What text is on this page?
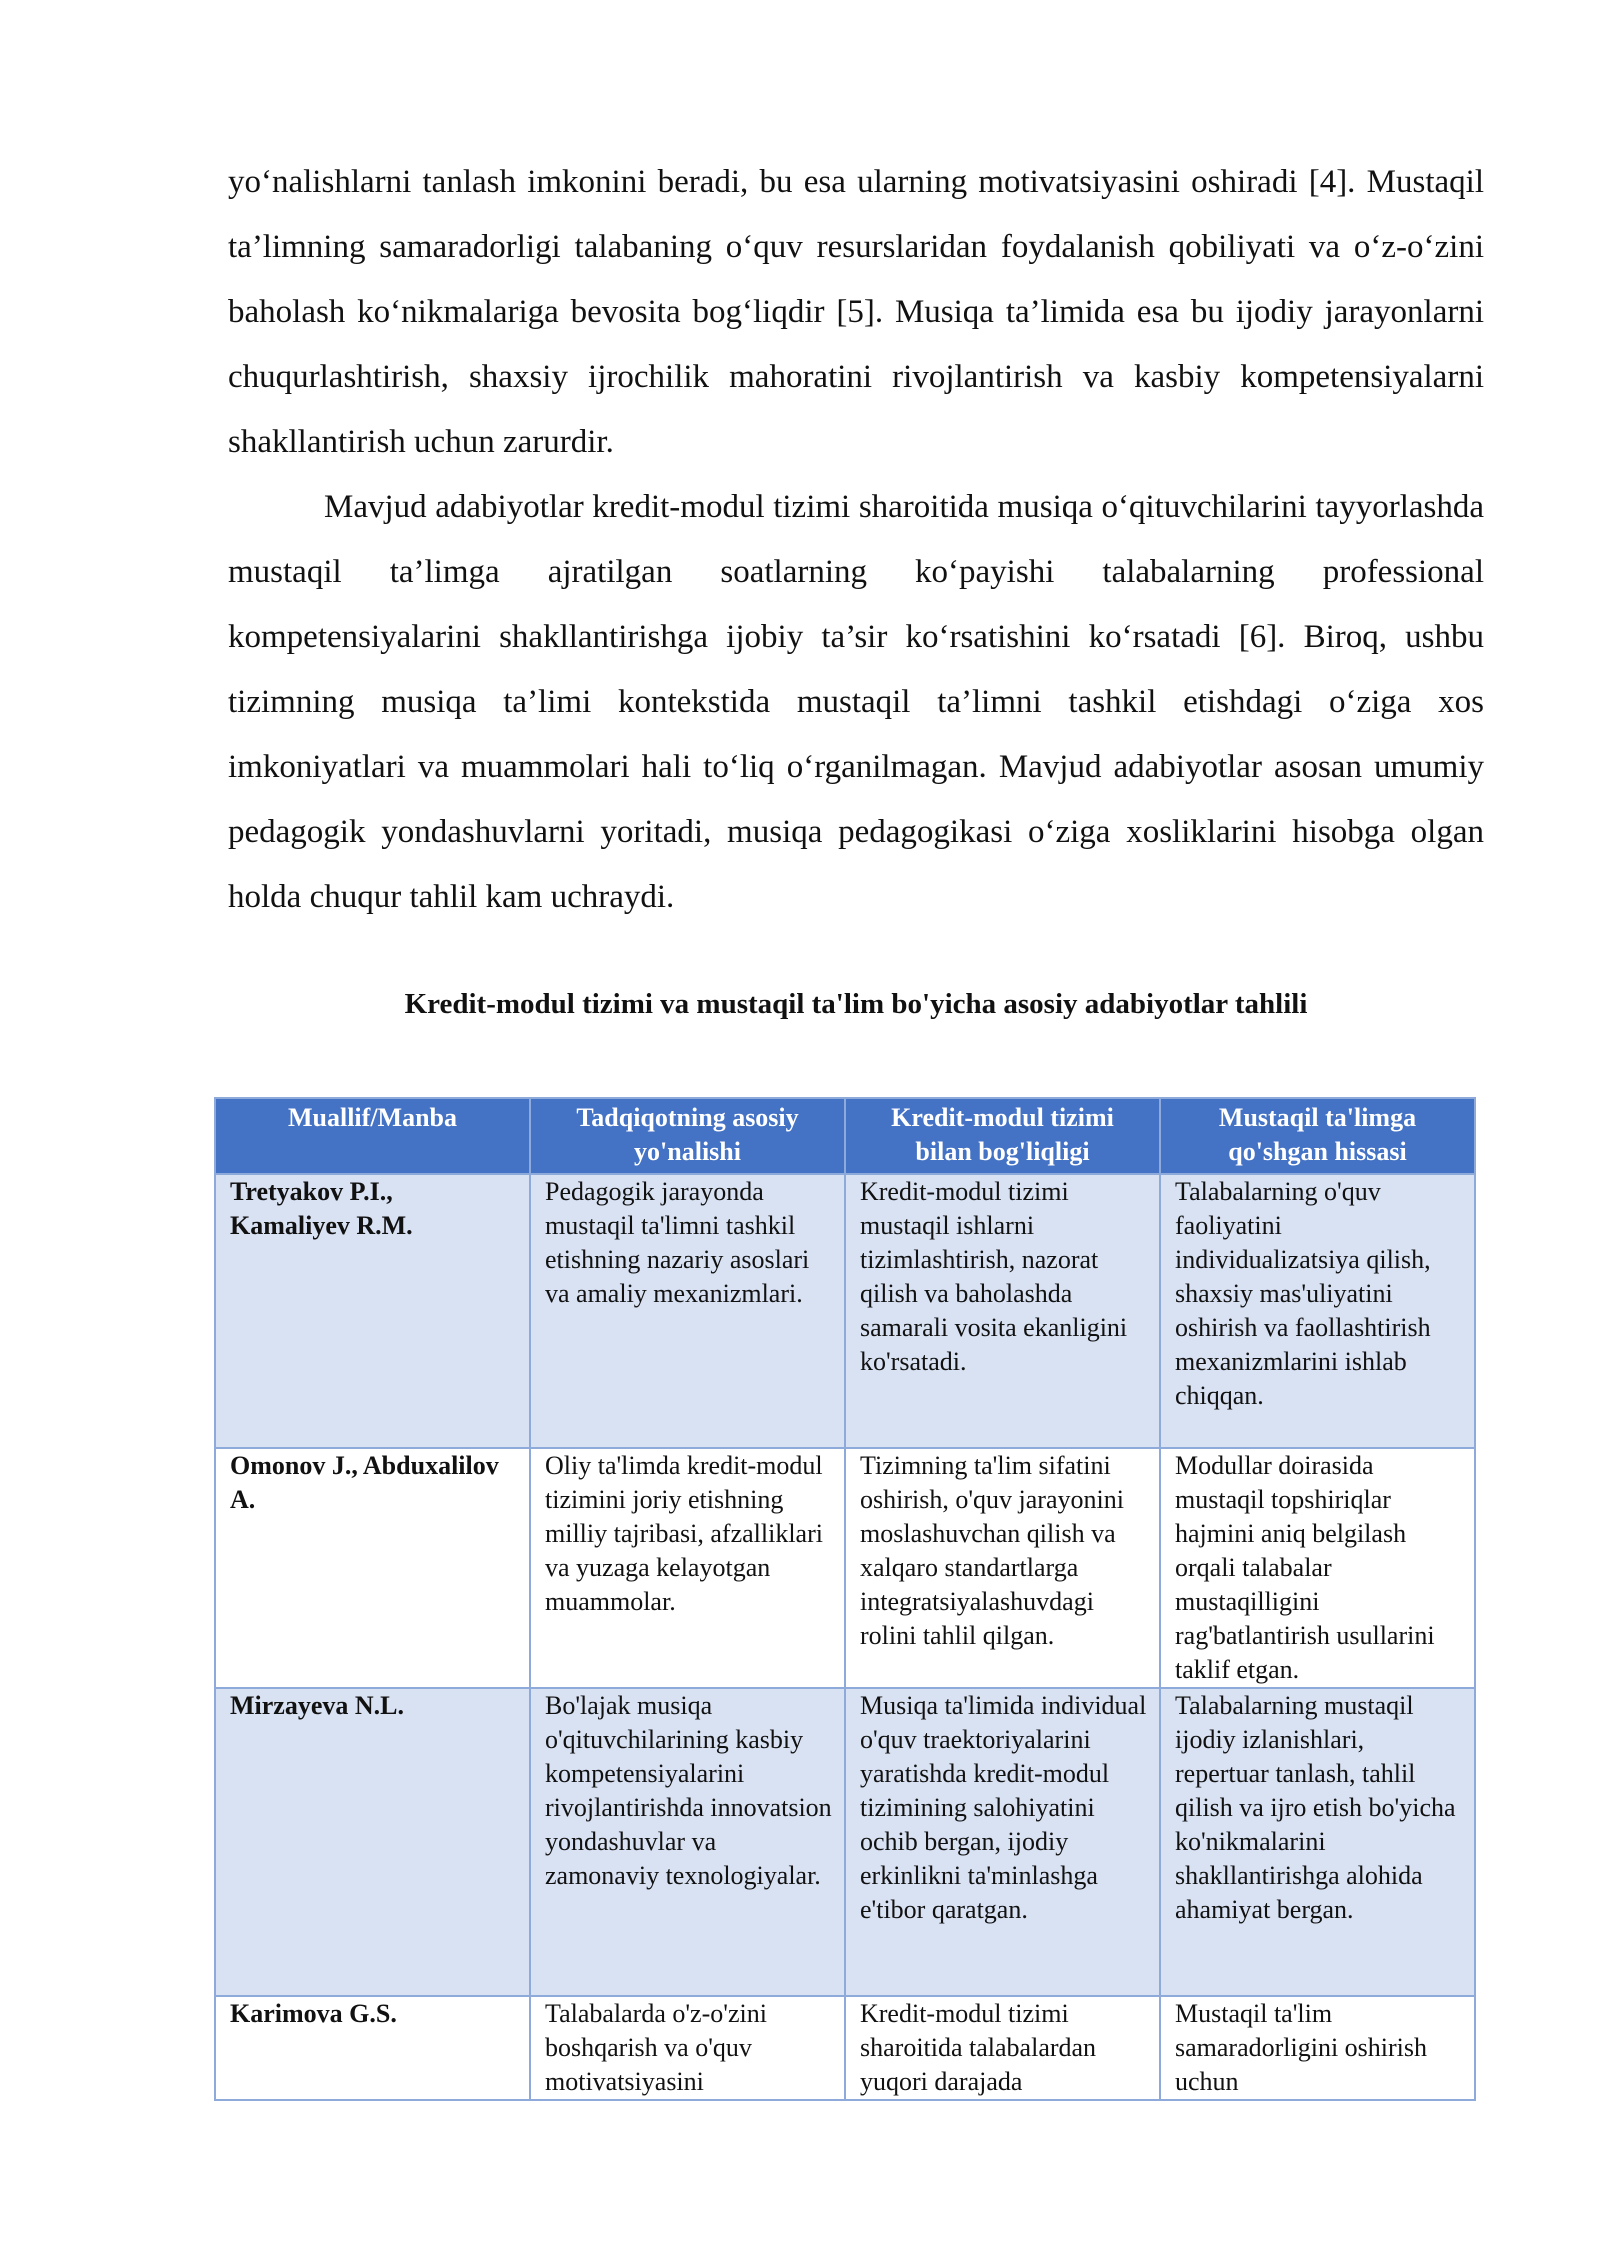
yo‘nalishlarni tanlash imkonini beradi, bu esa ularning motivatsiyasini oshiradi [4]. Mustaqil ta’limning samaradorligi talabaning o‘quv resurslaridan foydalanish qobiliyati va o‘z-o‘zini baholash ko‘nikmalariga bevosita bog‘liqdir [5]. Musiqa ta’limida esa bu ijodiy jarayonlarni chuqurlashtirish, shaxsiy ijrochilik mahoratini rivojlantirish va kasbiy kompetensiyalarni shakllantirish uchun zarurdir.

Mavjud adabiyotlar kredit-modul tizimi sharoitida musiqa o‘qituvchilarini tayyorlashda mustaqil ta’limga ajratilgan soatlarning ko‘payishi talabalarning professional kompetensiyalarini shakllantirishga ijobiy ta’sir ko‘rsatishini ko‘rsatadi [6]. Biroq, ushbu tizimning musiqa ta’limi kontekstida mustaqil ta’limni tashkil etishdagi o‘ziga xos imkoniyatlari va muammolari hali to‘liq o‘rganilmagan. Mavjud adabiyotlar asosan umumiy pedagogik yondashuvlarni yoritadi, musiqa pedagogikasi o‘ziga xosliklarini hisobga olgan holda chuqur tahlil kam uchraydi.

Kredit-modul tizimi va mustaqil ta'lim bo'yicha asosiy adabiyotlar tahlili

Muallif/Manba	Tadqiqotning asosiy yo'nalishi	Kredit-modul tizimi bilan bog'liqligi	Mustaqil ta'limga qo'shgan hissasi
Tretyakov P.I., Kamaliyev R.M.	Pedagogik jarayonda mustaqil ta'limni tashkil etishning nazariy asoslari va amaliy mexanizmlari.	Kredit-modul tizimi mustaqil ishlarni tizimlashtirish, nazorat qilish va baholashda samarali vosita ekanligini ko'rsatadi.	Talabalarning o'quv faoliyatini individualizatsiya qilish, shaxsiy mas'uliyatini oshirish va faollashtirish mexanizmlarini ishlab chiqqan.
Omonov J., Abduxalilov A.	Oliy ta'limda kredit-modul tizimini joriy etishning milliy tajribasi, afzalliklari va yuzaga kelayotgan muammolar.	Tizimning ta'lim sifatini oshirish, o'quv jarayonini moslashuvchan qilish va xalqaro standartlarga integratsiyalashuvdagi rolini tahlil qilgan.	Modullar doirasida mustaqil topshiriqlar hajmini aniq belgilash orqali talabalar mustaqilligini rag'batlantirish usullarini taklif etgan.
Mirzayeva N.L.	Bo'lajak musiqa o'qituvchilarining kasbiy kompetensiyalarini rivojlantirishda innovatsion yondashuvlar va zamonaviy texnologiyalar.	Musiqa ta'limida individual o'quv traektoriyalarini yaratishda kredit-modul tizimining salohiyatini ochib bergan, ijodiy erkinlikni ta'minlashga e'tibor qaratgan.	Talabalarning mustaqil ijodiy izlanishlari, repertuar tanlash, tahlil qilish va ijro etish bo'yicha ko'nikmalarini shakllantirishga alohida ahamiyat bergan.
Karimova G.S.	Talabalarda o'z-o'zini boshqarish va o'quv motivatsiyasini	Kredit-modul tizimi sharoitida talabalardan yuqori darajada	Mustaqil ta'lim samaradorligini oshirish uchun
